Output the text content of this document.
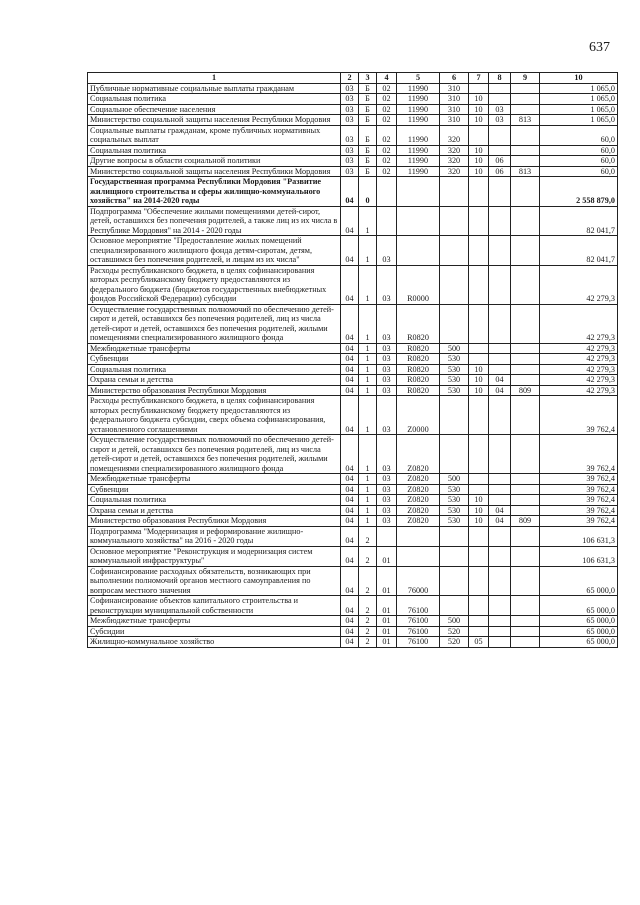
637
1	2	3	4	5	6	7	8	9	10
Публичные нормативные социальные выплаты гражданам	03	Б	02	11990	310				1 065,0
Социальная политика	03	Б	02	11990	310	10			1 065,0
Социальное обеспечение населения	03	Б	02	11990	310	10	03		1 065,0
Министерство социальной защиты населения Республики Мордовия	03	Б	02	11990	310	10	03	813	1 065,0
Социальные выплаты гражданам, кроме публичных нормативных социальных выплат	03	Б	02	11990	320				60,0
Социальная политика	03	Б	02	11990	320	10			60,0
Другие вопросы в области социальной политики	03	Б	02	11990	320	10	06		60,0
Министерство социальной защиты населения Республики Мордовия	03	Б	02	11990	320	10	06	813	60,0
Государственная программа Республики Мордовия "Развитие жилищного строительства и сферы жилищно-коммунального хозяйства" на 2014-2020 годы	04	0							2 558 879,0
Подпрограмма "Обеспечение жилыми помещениями детей-сирот, детей, оставшихся без попечения родителей, а также лиц из их числа в Республике Мордовия" на 2014 - 2020 годы	04	1							82 041,7
Основное мероприятие "Предоставление жилых помещений специализированного жилищного фонда детям-сиротам, детям, оставшимся без попечения родителей, и лицам из их числа"	04	1	03						82 041,7
Расходы республиканского бюджета, в целях софинансирования которых республиканскому бюджету предоставляются из федерального бюджета (бюджетов государственных внебюджетных фондов Российской Федерации) субсидии	04	1	03	R0000					42 279,3
Осуществление государственных полномочий по обеспечению детей-сирот и детей, оставшихся без попечения родителей, лиц из числа детей-сирот и детей, оставшихся без попечения родителей, жилыми помещениями специализированного жилищного фонда	04	1	03	R0820					42 279,3
Межбюджетные трансферты	04	1	03	R0820	500				42 279,3
Субвенции	04	1	03	R0820	530				42 279,3
Социальная политика	04	1	03	R0820	530	10			42 279,3
Охрана семьи и детства	04	1	03	R0820	530	10	04		42 279,3
Министерство образования Республики Мордовия	04	1	03	R0820	530	10	04	809	42 279,3
Расходы республиканского бюджета, в целях софинансирования которых республиканскому бюджету предоставляются из федерального бюджета субсидии, сверх объема софинансирования, установленного соглашениями	04	1	03	Z0000					39 762,4
Осуществление государственных полномочий по обеспечению детей-сирот и детей, оставшихся без попечения родителей, лиц из числа детей-сирот и детей, оставшихся без попечения родителей, жилыми помещениями специализированного жилищного фонда	04	1	03	Z0820					39 762,4
Межбюджетные трансферты	04	1	03	Z0820	500				39 762,4
Субвенции	04	1	03	Z0820	530				39 762,4
Социальная политика	04	1	03	Z0820	530	10			39 762,4
Охрана семьи и детства	04	1	03	Z0820	530	10	04		39 762,4
Министерство образования Республики Мордовия	04	1	03	Z0820	530	10	04	809	39 762,4
Подпрограмма "Модернизация и реформирование жилищно-коммунального хозяйства" на 2016 - 2020 годы	04	2							106 631,3
Основное мероприятие "Реконструкция и модернизация систем коммунальной инфраструктуры"	04	2	01						106 631,3
Софинансирование расходных обязательств, возникающих при выполнении полномочий органов местного самоуправления по вопросам местного значения	04	2	01	76000					65 000,0
Софинансирование объектов капитального строительства и реконструкции муниципальной собственности	04	2	01	76100					65 000,0
Межбюджетные трансферты	04	2	01	76100	500				65 000,0
Субсидии	04	2	01	76100	520				65 000,0
Жилищно-коммунальное хозяйство	04	2	01	76100	520	05			65 000,0
